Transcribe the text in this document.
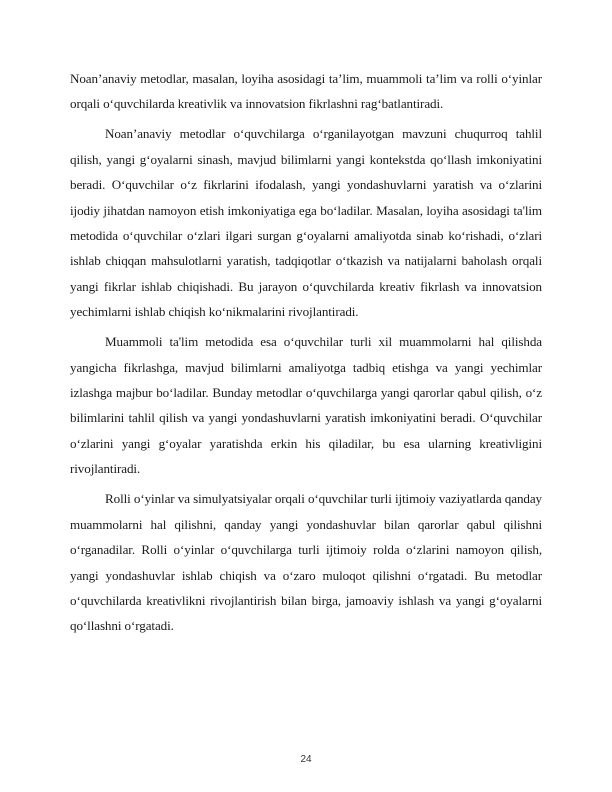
Noan’anaviy metodlar, masalan, loyiha asosidagi ta’lim, muammoli ta’lim va rolli o‘yinlar orqali o‘quvchilarda kreativlik va innovatsion fikrlashni rag‘batlantiradi.

Noan’anaviy metodlar o‘quvchilarga o‘rganilayotgan mavzuni chuqurroq tahlil qilish, yangi g‘oyalarni sinash, mavjud bilimlarni yangi kontekstda qo‘llash imkoniyatini beradi. O‘quvchilar o‘z fikrlarini ifodalash, yangi yondashuvlarni yaratish va o‘zlarini ijodiy jihatdan namoyon etish imkoniyatiga ega bo‘ladilar. Masalan, loyiha asosidagi ta'lim metodida o‘quvchilar o‘zlari ilgari surgan g‘oyalarni amaliyotda sinab ko‘rishadi, o‘zlari ishlab chiqqan mahsulotlarni yaratish, tadqiqotlar o‘tkazish va natijalarni baholash orqali yangi fikrlar ishlab chiqishadi. Bu jarayon o‘quvchilarda kreativ fikrlash va innovatsion yechimlarni ishlab chiqish ko‘nikmalarini rivojlantiradi.

Muammoli ta'lim metodida esa o‘quvchilar turli xil muammolarni hal qilishda yangicha fikrlashga, mavjud bilimlarni amaliyotga tadbiq etishga va yangi yechimlar izlashga majbur bo‘ladilar. Bunday metodlar o‘quvchilarga yangi qarorlar qabul qilish, o‘z bilimlarini tahlil qilish va yangi yondashuvlarni yaratish imkoniyatini beradi. O‘quvchilar o‘zlarini yangi g‘oyalar yaratishda erkin his qiladilar, bu esa ularning kreativligini rivojlantiradi.

Rolli o‘yinlar va simulyatsiyalar orqali o‘quvchilar turli ijtimoiy vaziyatlarda qanday muammolarni hal qilishni, qanday yangi yondashuvlar bilan qarorlar qabul qilishni o‘rganadilar. Rolli o‘yinlar o‘quvchilarga turli ijtimoiy rolda o‘zlarini namoyon qilish, yangi yondashuvlar ishlab chiqish va o‘zaro muloqot qilishni o‘rgatadi. Bu metodlar o‘quvchilarda kreativlikni rivojlantirish bilan birga, jamoaviy ishlash va yangi g‘oyalarni qo‘llashni o‘rgatadi.

24
